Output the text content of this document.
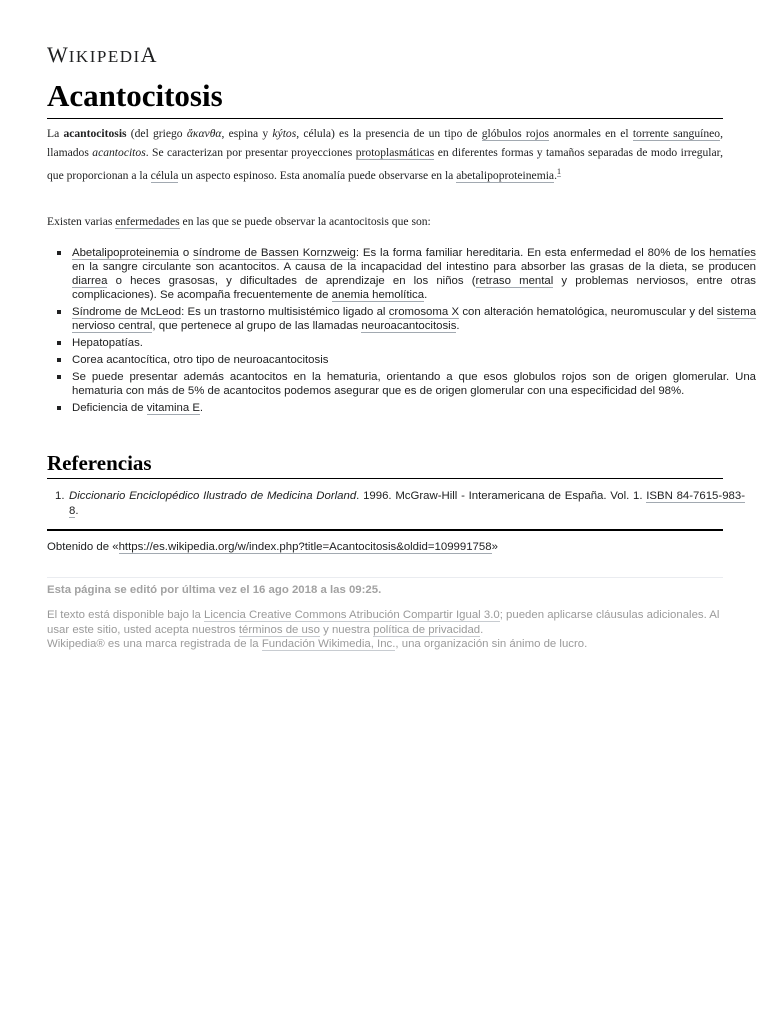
WIKIPEDIA
Acantocitosis

La acantocitosis (del griego ἄκανθα, espina y kýtos, célula) es la presencia de un tipo de glóbulos rojos anormales en el torrente sanguíneo, llamados acantocitos. Se caracterizan por presentar proyecciones protoplasmáticas en diferentes formas y tamaños separadas de modo irregular, que proporcionan a la célula un aspecto espinoso. Esta anomalía puede observarse en la abetalipoproteinemia.$^1$

Existen varias enfermedades en las que se puede observar la acantocitosis que son:

Abetalipoproteinemia o síndrome de Bassen Kornzweig: Es la forma familiar hereditaria. En esta enfermedad el 80% de los hematíes en la sangre circulante son acantocitos. A causa de la incapacidad del intestino para absorber las grasas de la dieta, se producen diarrea o heces grasosas, y dificultades de aprendizaje en los niños (retraso mental y problemas nerviosos, entre otras complicaciones). Se acompaña frecuentemente de anemia hemolítica.
Síndrome de McLeod: Es un trastorno multisistémico ligado al cromosoma X con alteración hematológica, neuromuscular y del sistema nervioso central, que pertenece al grupo de las llamadas neuroacantocitosis.
Hepatopatías.
Corea acantocítica, otro tipo de neuroacantocitosis
Se puede presentar además acantocitos en la hematuria, orientando a que esos globulos rojos son de origen glomerular. Una hematuria con más de 5% de acantocitos podemos asegurar que es de origen glomerular con una especificidad del 98%.
Deficiencia de vitamina E.
Referencias
1. Diccionario Enciclopédico Ilustrado de Medicina Dorland. 1996. McGraw-Hill - Interamericana de España. Vol. 1. ISBN 84-7615-983-8.
Obtenido de «https://es.wikipedia.org/w/index.php?title=Acantocitosis&oldid=109991758»
Esta página se editó por última vez el 16 ago 2018 a las 09:25.
El texto está disponible bajo la Licencia Creative Commons Atribución Compartir Igual 3.0; pueden aplicarse cláusulas adicionales. Al usar este sitio, usted acepta nuestros términos de uso y nuestra política de privacidad.
Wikipedia® es una marca registrada de la Fundación Wikimedia, Inc., una organización sin ánimo de lucro.
